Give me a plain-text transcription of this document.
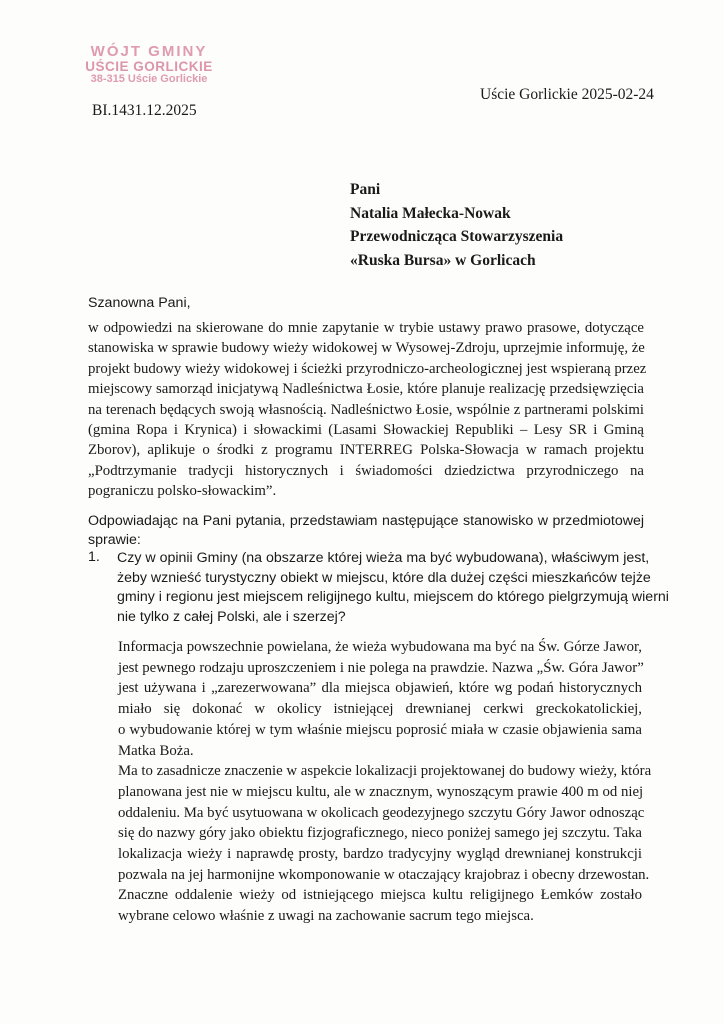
WÓJT GMINY
UŚCIE GORLICKIE
38-315 Uście Gorlickie
BI.1431.12.2025
Uście Gorlickie 2025-02-24
Pani
Natalia Małecka-Nowak
Przewodnicząca Stowarzyszenia
«Ruska Bursa» w Gorlicach
Szanowna Pani,
w odpowiedzi na skierowane do mnie zapytanie w trybie ustawy prawo prasowe, dotyczące
stanowiska w sprawie budowy wieży widokowej w Wysowej-Zdroju, uprzejmie informuję, że
projekt budowy wieży widokowej i ścieżki przyrodniczo-archeologicznej jest wspieraną przez
miejscowy samorząd inicjatywą Nadleśnictwa Łosie, które planuje realizację przedsięwzięcia
na terenach będących swoją własnością. Nadleśnictwo Łosie, wspólnie z partnerami polskimi
(gmina Ropa i Krynica) i słowackimi (Lasami Słowackiej Republiki – Lesy SR i Gminą
Zborov), aplikuje o środki z programu INTERREG Polska-Słowacja w ramach projektu
„Podtrzymanie tradycji historycznych i świadomości dziedzictwa przyrodniczego na
pograniczu polsko-słowackim”.
Odpowiadając na Pani pytania, przedstawiam następujące stanowisko w przedmiotowej
sprawie:
1. Czy w opinii Gminy (na obszarze której wieża ma być wybudowana), właściwym jest,
żeby wznieść turystyczny obiekt w miejscu, które dla dużej części mieszkańców tejże
gminy i regionu jest miejscem religijnego kultu, miejscem do którego pielgrzymują wierni
nie tylko z całej Polski, ale i szerzej?
Informacja powszechnie powielana, że wieża wybudowana ma być na Św. Górze Jawor,
jest pewnego rodzaju uproszczeniem i nie polega na prawdzie. Nazwa „Św. Góra Jawor”
jest używana i „zarezerwowana” dla miejsca objawień, które wg podań historycznych
miało się dokonać w okolicy istniejącej drewnianej cerkwi greckokatolickiej,
o wybudowanie której w tym właśnie miejscu poprosić miała w czasie objawienia sama
Matka Boża.
Ma to zasadnicze znaczenie w aspekcie lokalizacji projektowanej do budowy wieży, która
planowana jest nie w miejscu kultu, ale w znacznym, wynoszącym prawie 400 m od niej
oddaleniu. Ma być usytuowana w okolicach geodezyjnego szczytu Góry Jawor odnosząc
się do nazwy góry jako obiektu fizjograficznego, nieco poniżej samego jej szczytu. Taka
lokalizacja wieży i naprawdę prosty, bardzo tradycyjny wygląd drewnianej konstrukcji
pozwala na jej harmonijne wkomponowanie w otaczający krajobraz i obecny drzewostan.
Znaczne oddalenie wieży od istniejącego miejsca kultu religijnego Łemków zostało
wybrane celowo właśnie z uwagi na zachowanie sacrum tego miejsca.
